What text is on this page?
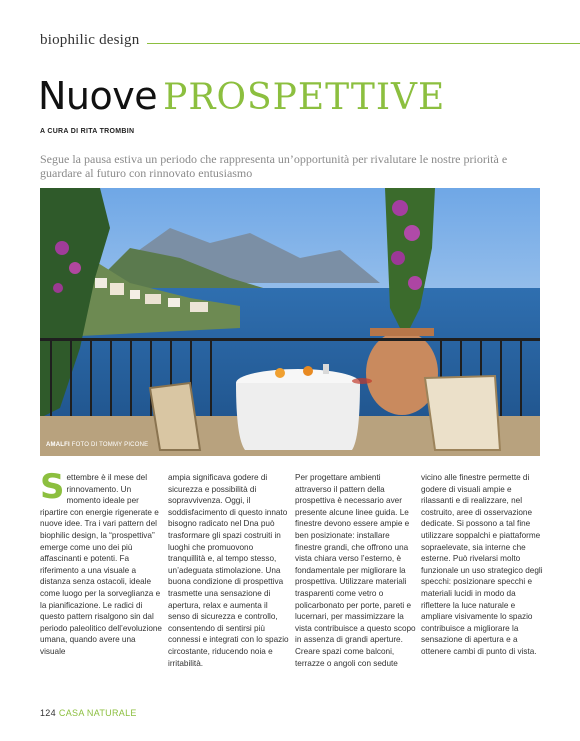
biophilic design
Nuove PROSPETTIVE
A CURA DI RITA TROMBIN
Segue la pausa estiva un periodo che rappresenta un’opportunità per rivalutare le nostre priorità e guardare al futuro con rinnovato entusiasmo
AMALFI FOTO DI TOMMY PICONE
S ettembre è il mese del rinnovamento. Un momento ideale per ripartire con energie rigenerate e nuove idee. Tra i vari pattern del biophilic design, la “prospettiva” emerge come uno dei più affascinanti e potenti. Fa riferimento a una visuale a distanza senza ostacoli, ideale come luogo per la sorveglianza e la pianificazione. Le radici di questo pattern risalgono sin dal periodo paleolitico dell’evoluzione umana, quando avere una visuale

ampia significava godere di sicurezza e possibilità di sopravvivenza. Oggi, il soddisfacimento di questo innato bisogno radicato nel Dna può trasformare gli spazi costruiti in luoghi che promuovono tranquillità e, al tempo stesso, un’adeguata stimolazione. Una buona condizione di prospettiva trasmette una sensazione di apertura, relax e aumenta il senso di sicurezza e controllo, consentendo di sentirsi più connessi e integrati con lo spazio circostante, riducendo noia e irritabilità.

Per progettare ambienti attraverso il pattern della prospettiva è necessario aver presente alcune linee guida. Le finestre devono essere ampie e ben posizionate: installare finestre grandi, che offrono una vista chiara verso l’esterno, è fondamentale per migliorare la prospettiva. Utilizzare materiali trasparenti come vetro o policarbonato per porte, pareti e lucernari, per massimizzare la vista contribuisce a questo scopo in assenza di grandi aperture. Creare spazi come balconi, terrazze o angoli con sedute

vicino alle finestre permette di godere di visuali ampie e rilassanti e di realizzare, nel costruito, aree di osservazione dedicate. Si possono a tal fine utilizzare soppalchi e piattaforme sopraelevate, sia interne che esterne. Può rivelarsi molto funzionale un uso strategico degli specchi: posizionare specchi e materiali lucidi in modo da riflettere la luce naturale e ampliare visivamente lo spazio contribuisce a migliorare la sensazione di apertura e a ottenere cambi di punto di vista.

124 CASA NATURALE
